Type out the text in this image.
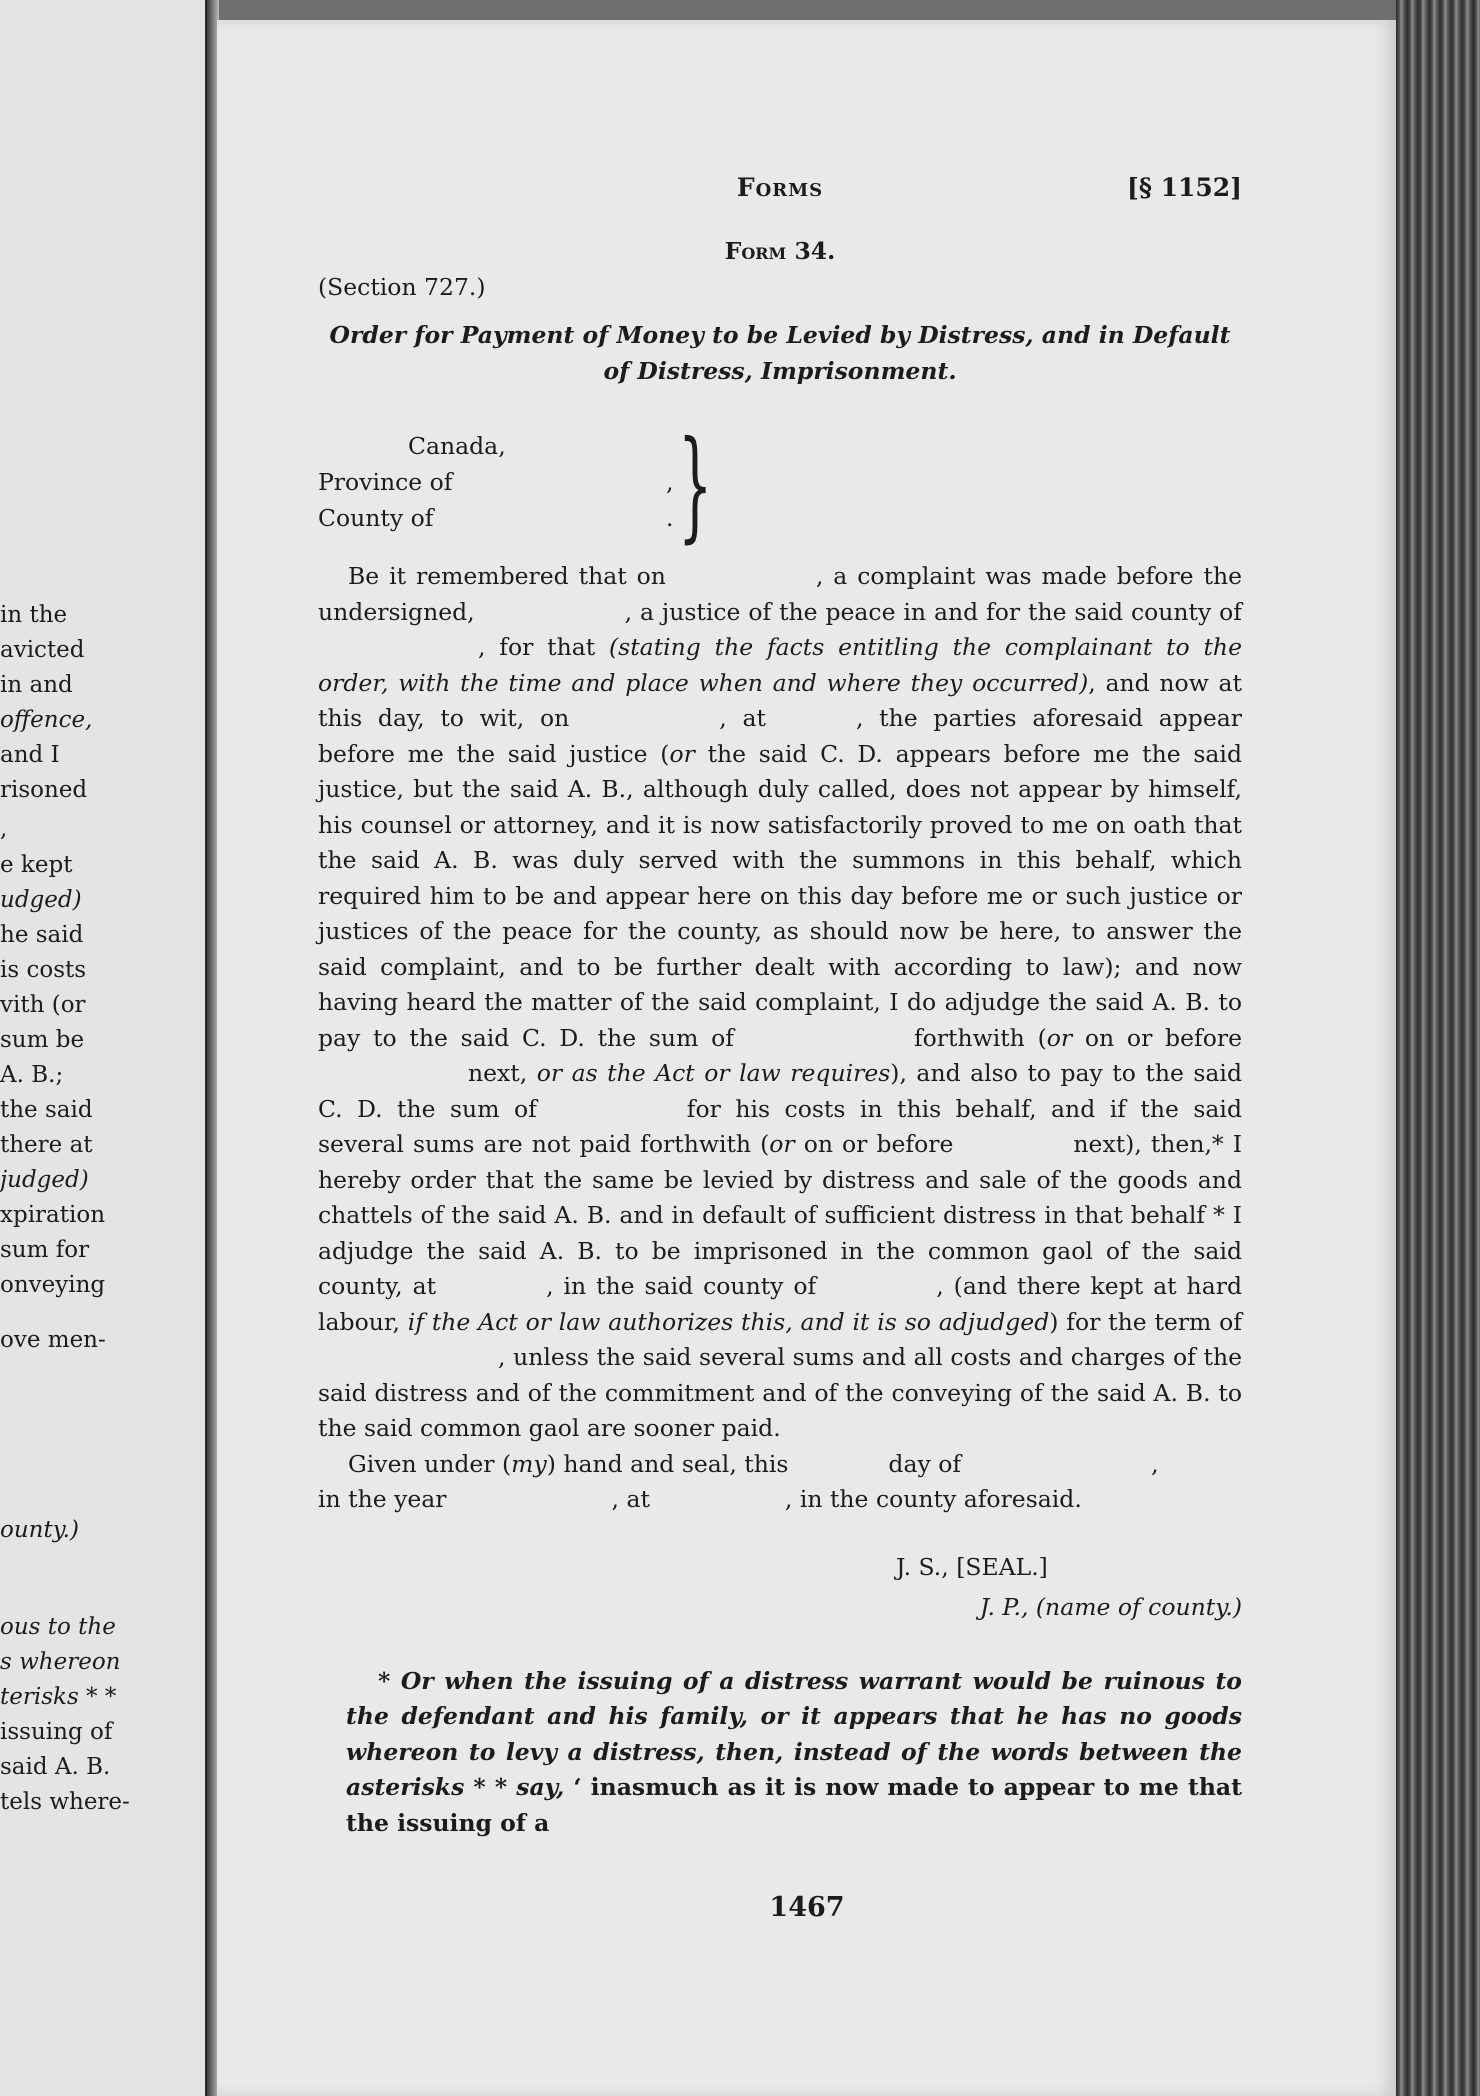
in the
avicted
in and
offence,
and I
risoned
,
e kept
udged)
he said
is costs
vith (or
sum be
A. B.;
the said
there at
judged)
xpiration
sum for
onveying
ove men-
ounty.)
ous to the
s whereon
terisks * *
issuing of
said A. B.
tels where-
Forms	[§ 1152]
Form 34.
(Section 727.)
Order for Payment of Money to be Levied by Distress, and in Default
of Distress, Imprisonment.
Canada,
Province of
County of
,
. }

Be it remembered that on	, a complaint was made before the undersigned,	, a justice of the peace in and for the said county of, for that (stating the facts entitling the complainant to the order, with the time and place when and where they occurred), and now at this day, to wit, on	, at	, the parties aforesaid appear before me the said justice (or the said C. D. appears before me the said justice, but the said A. B., although duly called, does not appear by himself, his counsel or attorney, and it is now satisfactorily proved to me on oath that the said A. B. was duly served with the summons in this behalf, which required him to be and appear here on this day before me or such justice or justices of the peace for the county, as should now be here, to answer the said complaint, and to be further dealt with according to law); and now having heard the matter of the said complaint, I do adjudge the said A. B. to pay to the said C. D. the sum of	forthwith (or on or beforenext, or as the Act or law requires), and also to pay to the said C. D. the sum of	for his costs in this behalf, and if the said several sums are not paid forthwith (or on or before	next), then,* I hereby order that the same be levied by distress and sale of the goods and chattels of the said A. B. and in default of sufficient distress in that behalf * I adjudge the said A. B. to be imprisoned in the common gaol of the said county, at	, in the said county of	, (and there kept at hard labour, if the Act or law authorizes this, and it is so adjudged) for the term of, unless the said several sums and all costs and charges of the said distress and of the commitment and of the conveying of the said A. B. to the said common gaol are sooner paid.

Given under (my) hand and seal, this	day of	,

in the year	, at	, in the county aforesaid.

J. S., [SEAL.]
J. P., (name of county.)
* Or when the issuing of a distress warrant would be ruinous to the defendant and his family, or it appears that he has no goods whereon to levy a distress, then, instead of the words between the asterisks * * say, ‘ inasmuch as it is now made to appear to me that the issuing of a
1467
